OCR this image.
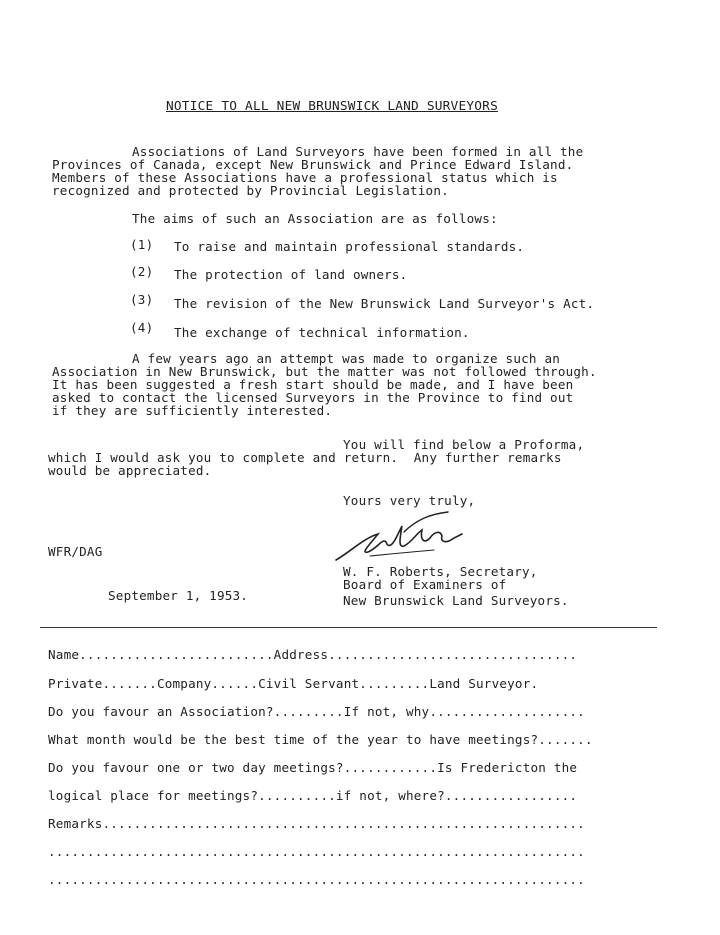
NOTICE TO ALL NEW BRUNSWICK LAND SURVEYORS
Associations of Land Surveyors have been formed in all the
Provinces of Canada, except New Brunswick and Prince Edward Island.
Members of these Associations have a professional status which is
recognized and protected by Provincial Legislation.
The aims of such an Association are as follows:
(1) To raise and maintain professional standards.
(2) The protection of land owners.
(3) The revision of the New Brunswick Land Surveyor's Act.
(4) The exchange of technical information.
A few years ago an attempt was made to organize such an
Association in New Brunswick, but the matter was not followed through.
It has been suggested a fresh start should be made, and I have been
asked to contact the licensed Surveyors in the Province to find out
if they are sufficiently interested.
You will find below a Proforma,
which I would ask you to complete and return.  Any further remarks
would be appreciated.
Yours very truly,
WFR/DAG
W. F. Roberts, Secretary,
Board of Examiners of
New Brunswick Land Surveyors.
September 1, 1953.
Name.........................Address................................
Private.......Company......Civil Servant.........Land Surveyor.
Do you favour an Association?.........If not, why....................
What month would be the best time of the year to have meetings?.......
Do you favour one or two day meetings?............Is Fredericton the
logical place for meetings?..........if not, where?.................
Remarks..............................................................
.....................................................................
.....................................................................
